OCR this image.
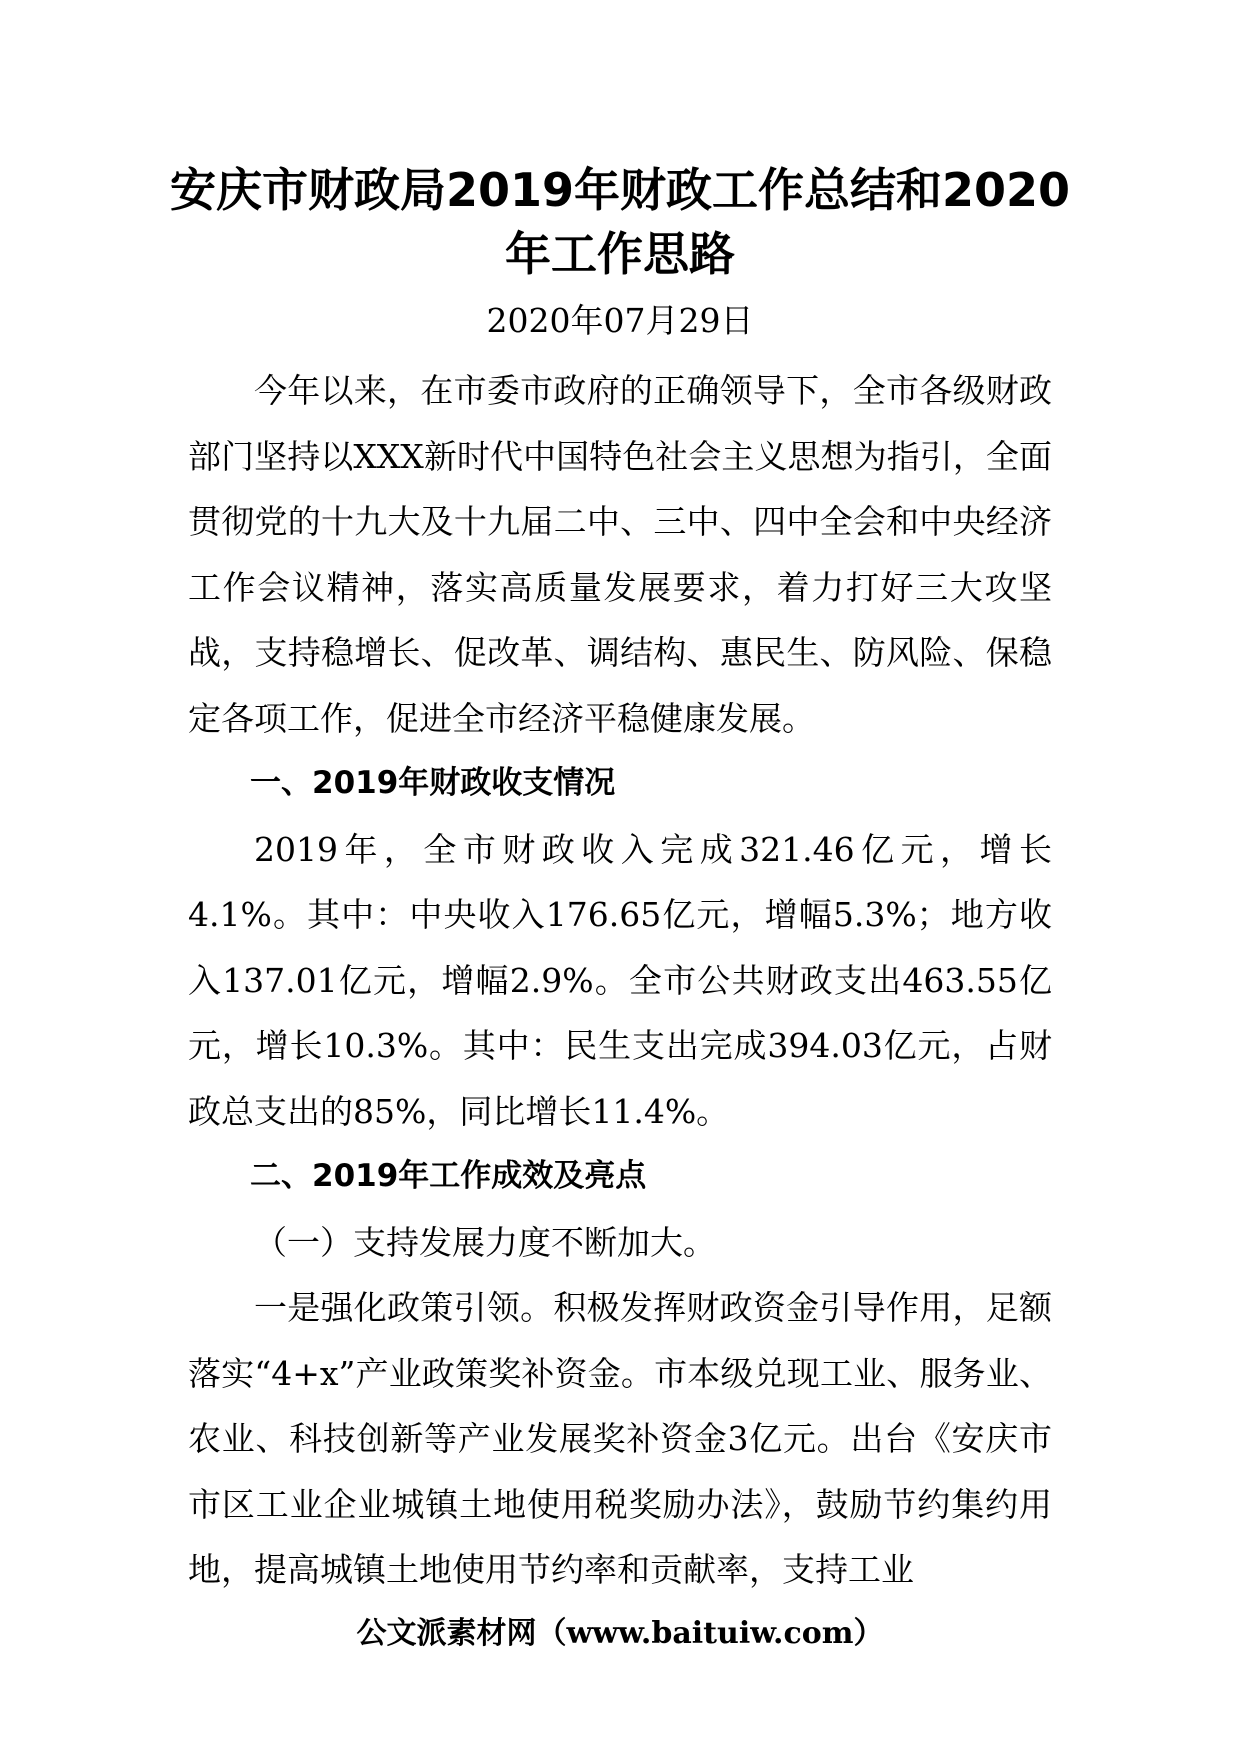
安庆市财政局2019年财政工作总结和2020年工作思路

2020年07月29日

今年以来，在市委市政府的正确领导下，全市各级财政部门坚持以XXX新时代中国特色社会主义思想为指引，全面贯彻党的十九大及十九届二中、三中、四中全会和中央经济工作会议精神，落实高质量发展要求，着力打好三大攻坚战，支持稳增长、促改革、调结构、惠民生、防风险、保稳定各项工作，促进全市经济平稳健康发展。

一、2019年财政收支情况

2019年，全市财政收入完成321.46亿元，增长4.1%。其中：中央收入176.65亿元，增幅5.3%；地方收入137.01亿元，增幅2.9%。全市公共财政支出463.55亿元，增长10.3%。其中：民生支出完成394.03亿元，占财政总支出的85%，同比增长11.4%。

二、2019年工作成效及亮点

（一）支持发展力度不断加大。

一是强化政策引领。积极发挥财政资金引导作用，足额落实“4+x”产业政策奖补资金。市本级兑现工业、服务业、农业、科技创新等产业发展奖补资金3亿元。出台《安庆市市区工业企业城镇土地使用税奖励办法》，鼓励节约集约用地，提高城镇土地使用节约率和贡献率，支持工业

公文派素材网（www.baituiw.com）
